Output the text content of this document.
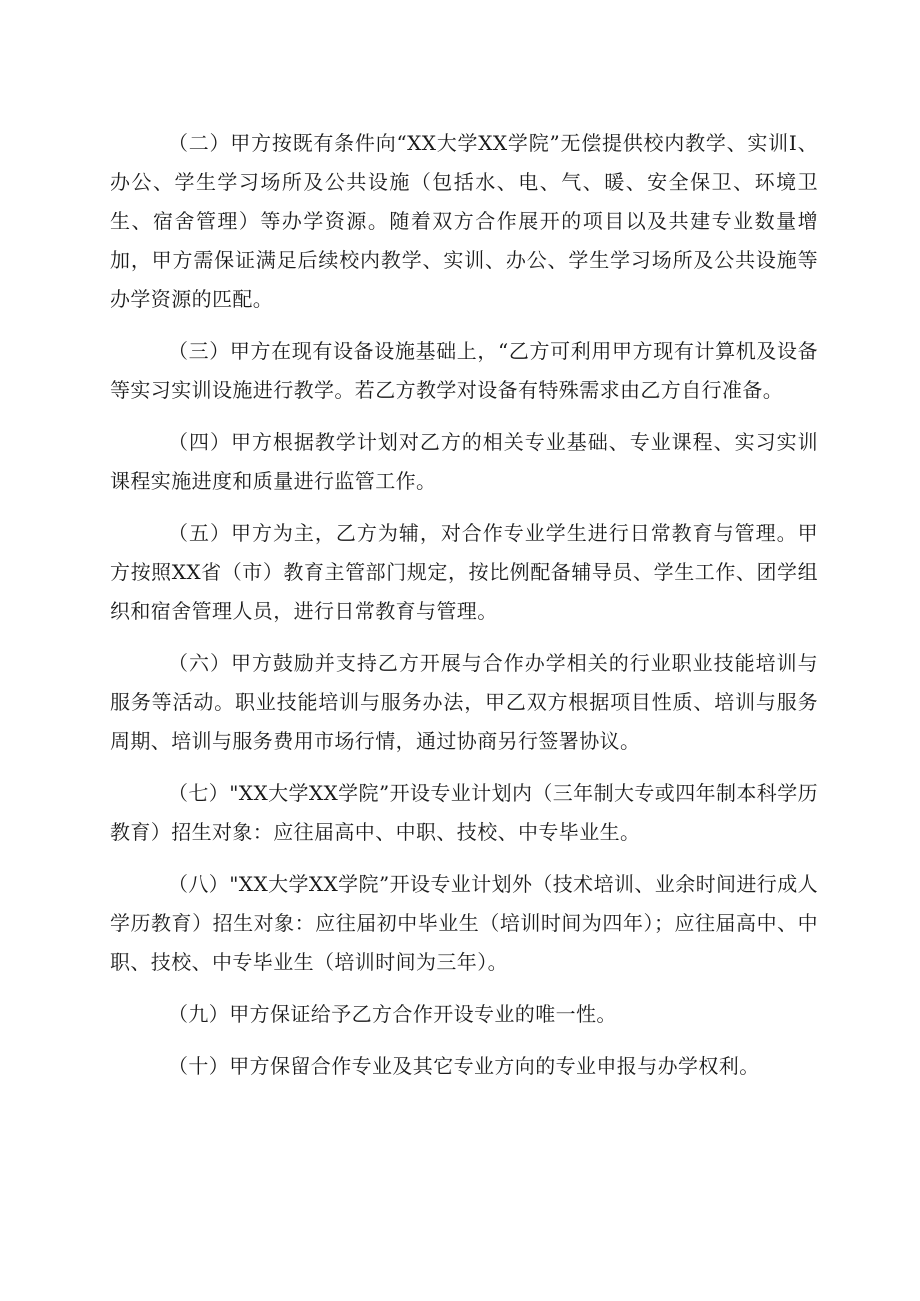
（二）甲方按既有条件向“XX大学XX学院”无偿提供校内教学、实训I、办公、学生学习场所及公共设施（包括水、电、气、暖、安全保卫、环境卫生、宿舍管理）等办学资源。随着双方合作展开的项目以及共建专业数量增加，甲方需保证满足后续校内教学、实训、办公、学生学习场所及公共设施等办学资源的匹配。

（三）甲方在现有设备设施基础上，“乙方可利用甲方现有计算机及设备等实习实训设施进行教学。若乙方教学对设备有特殊需求由乙方自行准备。

（四）甲方根据教学计划对乙方的相关专业基础、专业课程、实习实训课程实施进度和质量进行监管工作。

（五）甲方为主，乙方为辅，对合作专业学生进行日常教育与管理。甲方按照XX省（市）教育主管部门规定，按比例配备辅导员、学生工作、团学组织和宿舍管理人员，进行日常教育与管理。

（六）甲方鼓励并支持乙方开展与合作办学相关的行业职业技能培训与服务等活动。职业技能培训与服务办法，甲乙双方根据项目性质、培训与服务周期、培训与服务费用市场行情，通过协商另行签署协议。

（七）"XX大学XX学院”开设专业计划内（三年制大专或四年制本科学历教育）招生对象：应往届高中、中职、技校、中专毕业生。

（八）"XX大学XX学院”开设专业计划外（技术培训、业余时间进行成人学历教育）招生对象：应往届初中毕业生（培训时间为四年）；应往届高中、中职、技校、中专毕业生（培训时间为三年）。

（九）甲方保证给予乙方合作开设专业的唯一性。

（十）甲方保留合作专业及其它专业方向的专业申报与办学权利。
